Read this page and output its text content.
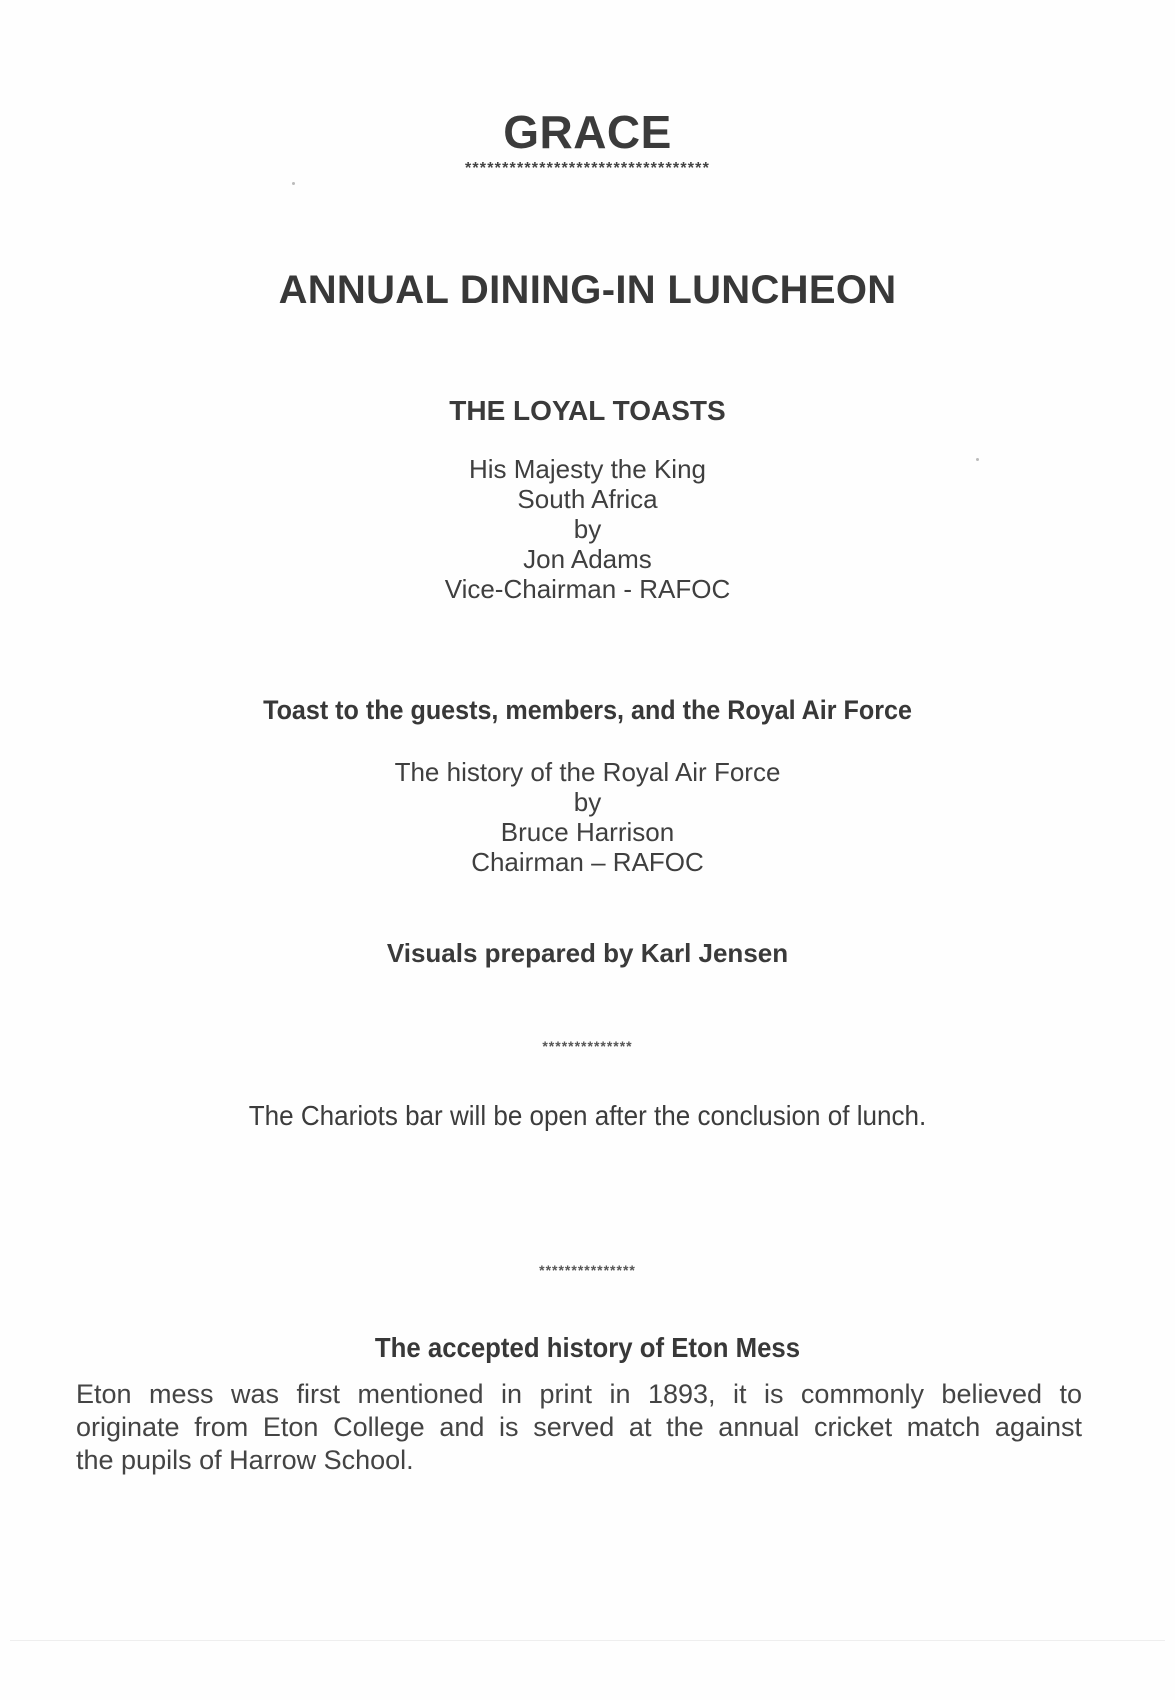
GRACE
*********************************
ANNUAL DINING-IN LUNCHEON
THE LOYAL TOASTS
His Majesty the King
South Africa
by
Jon Adams
Vice-Chairman - RAFOC
Toast to the guests, members, and the Royal Air Force
The history of the Royal Air Force
by
Bruce Harrison
Chairman – RAFOC
Visuals prepared by Karl Jensen
**************
The Chariots bar will be open after the conclusion of lunch.
***************
The accepted history of Eton Mess
Eton mess was first mentioned in print in 1893, it is commonly believed to
originate from Eton College and is served at the annual cricket match against
the pupils of Harrow School.
